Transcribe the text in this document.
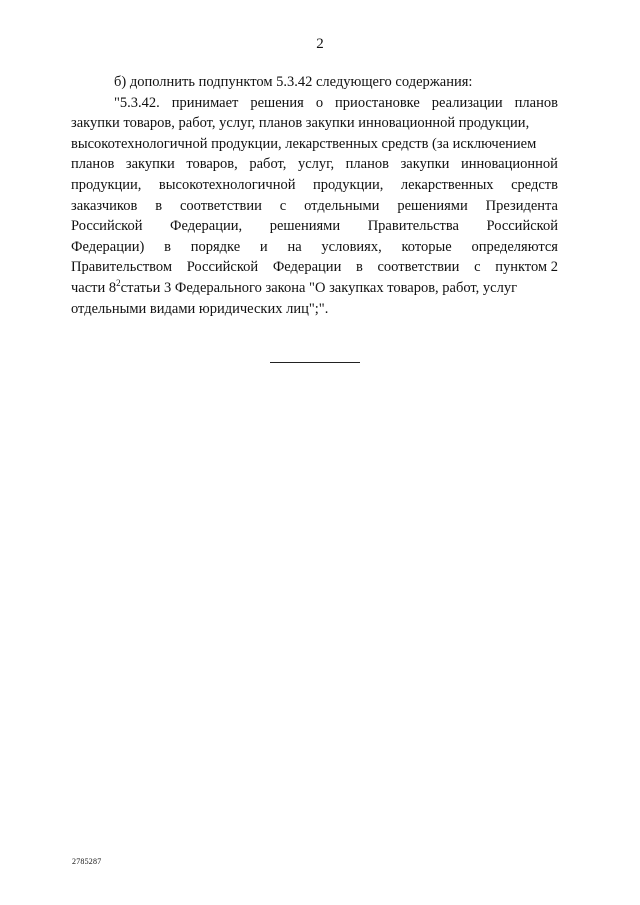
2
б) дополнить подпунктом 5.3.42 следующего содержания:
"5.3.42. принимает решения о приостановке реализации планов
закупки товаров, работ, услуг, планов закупки инновационной продукции,
высокотехнологичной продукции, лекарственных средств (за исключением
планов закупки товаров, работ, услуг, планов закупки инновационной
продукции, высокотехнологичной продукции, лекарственных средств
заказчиков в соответствии с отдельными решениями Президента
Российской Федерации, решениями Правительства Российской
Федерации) в порядке и на условиях, которые определяются
Правительством Российской Федерации в соответствии с пунктом 2
части $8^2статьи$ 3 Федерального закона "О закупках товаров, работ, услуг
отдельными видами юридических лиц";".
2785287
